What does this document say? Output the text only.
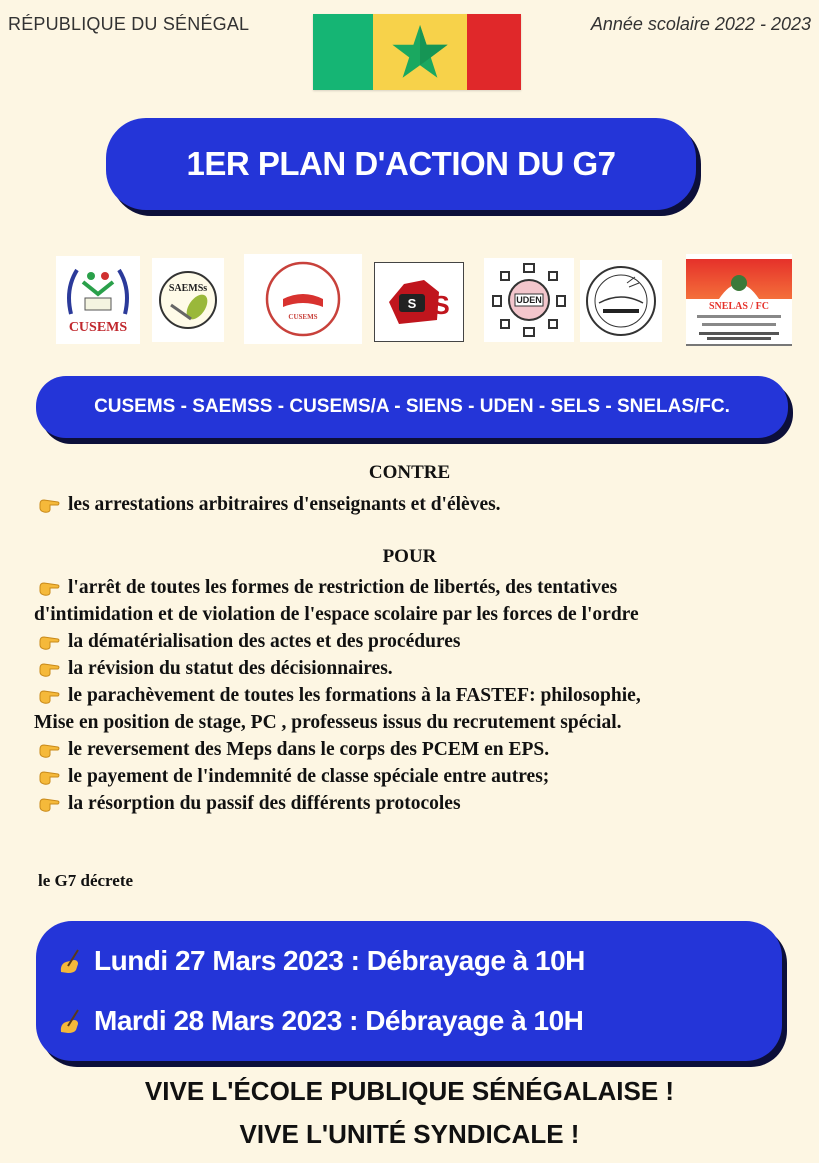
RÉPUBLIQUE DU SÉNÉGAL	Année scolaire 2022 - 2023
1ER PLAN D'ACTION DU G7
CUSEMS
SAEMSs
CUSEMS
S S	UDEN
SNELAS / FC
CUSEMS - SAEMSS - CUSEMS/A - SIENS - UDEN - SELS - SNELAS/FC.
CONTRE
les arrestations arbitraires d'enseignants et d'élèves.
POUR
l'arrêt de toutes les formes de restriction de libertés, des tentatives
d'intimidation et de violation de l'espace scolaire par les forces de l'ordre
la dématérialisation des actes et des procédures
la révision du statut des décisionnaires.
le parachèvement de toutes les formations à la FASTEF: philosophie,
Mise en position de stage, PC , professeus issus du recrutement spécial.
le reversement des Meps dans le corps des PCEM en EPS.
le payement de l'indemnité de classe spéciale entre autres;
la résorption du passif des différents protocoles
le G7 décrete
Lundi 27 Mars 2023 : Débrayage à 10H
Mardi 28 Mars 2023 : Débrayage à 10H
VIVE L'ÉCOLE PUBLIQUE SÉNÉGALAISE !
VIVE L'UNITÉ SYNDICALE !
